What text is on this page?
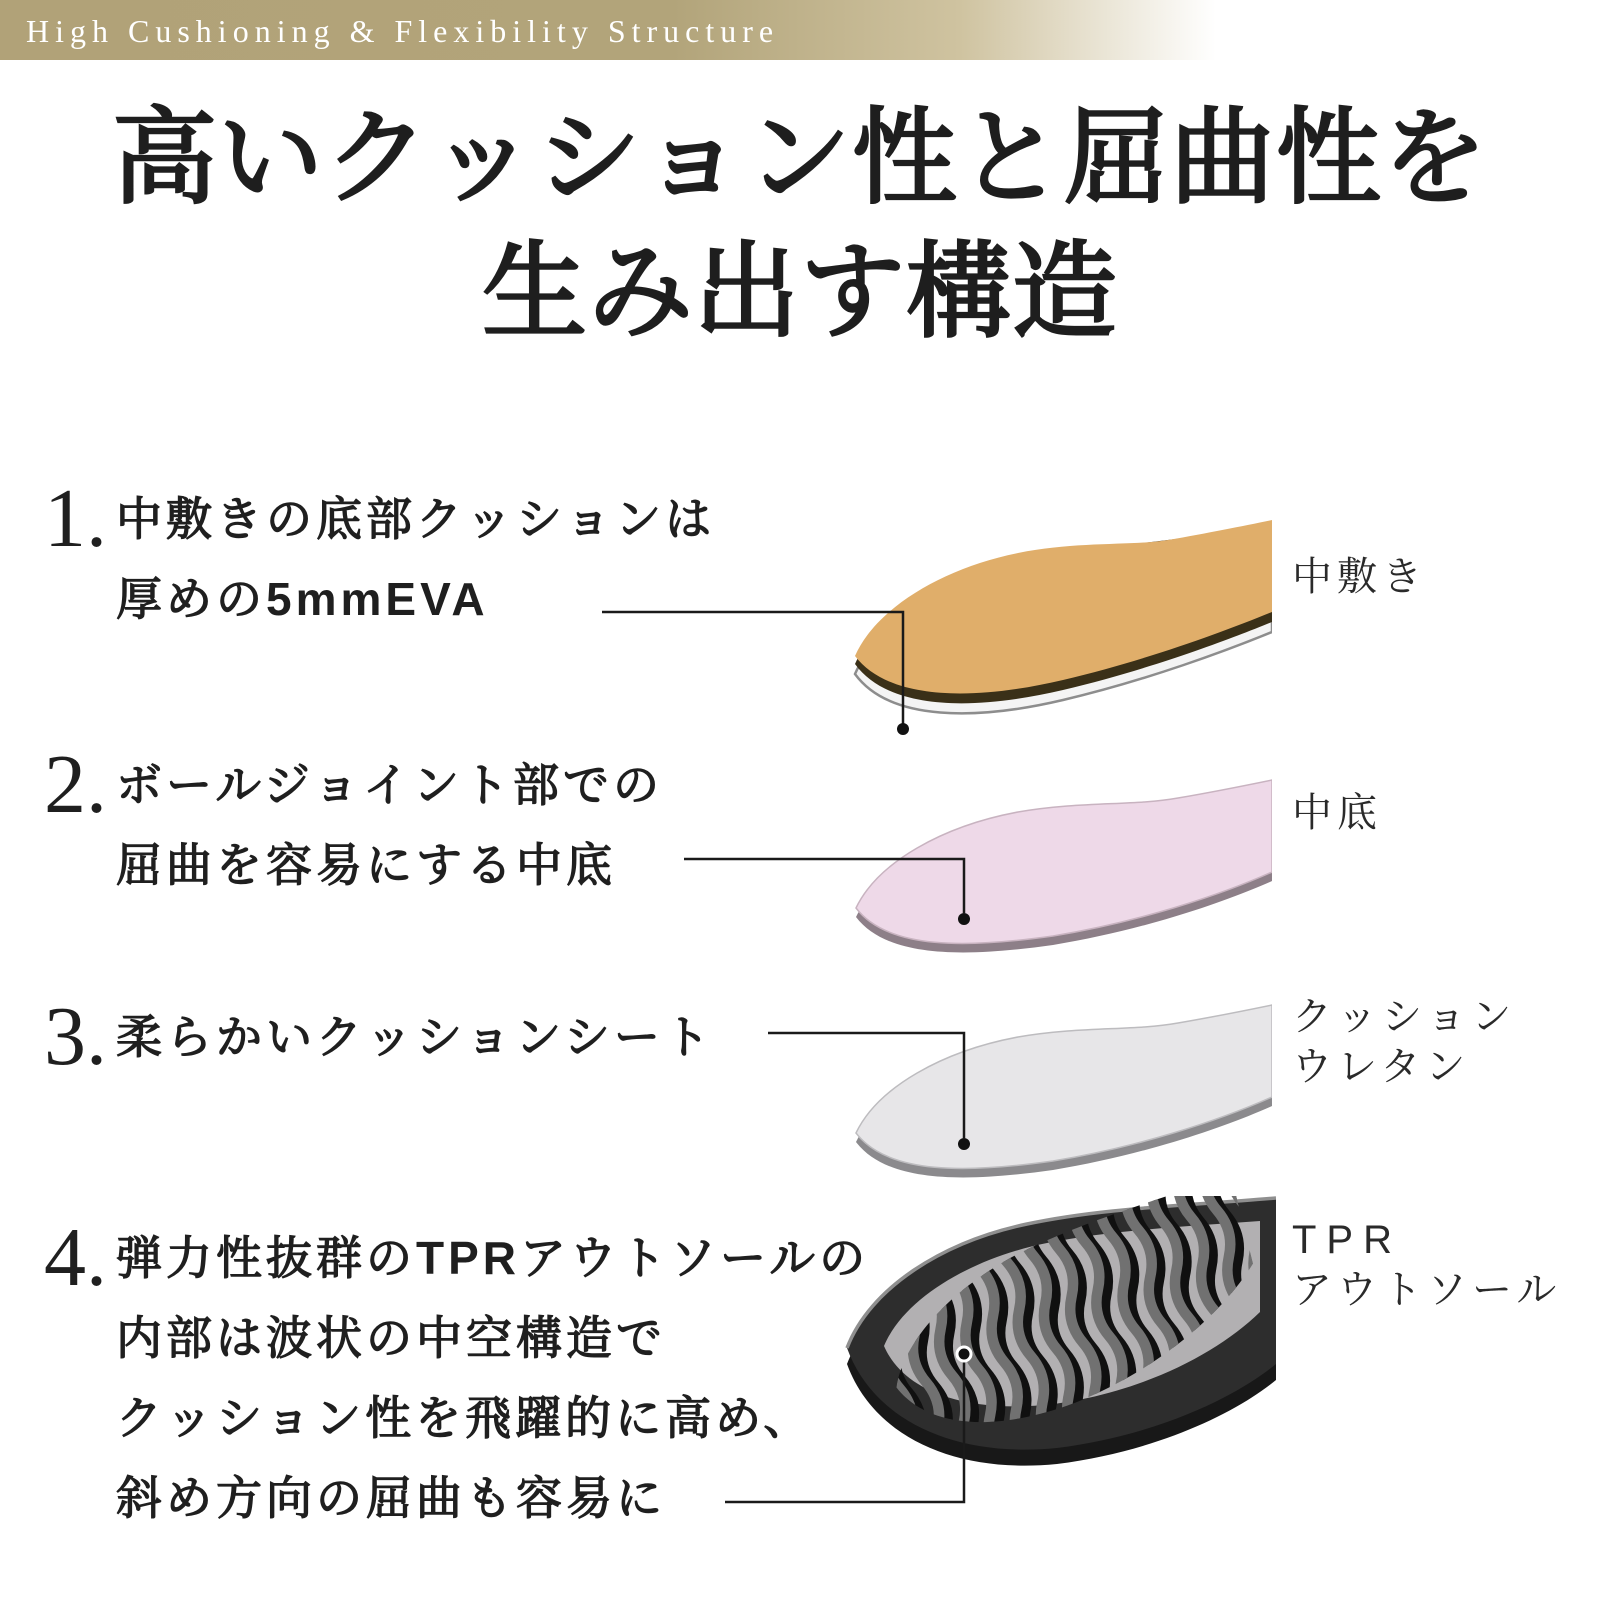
High Cushioning & Flexibility Structure
高いクッション性と屈曲性を
生み出す構造
1. 中敷きの底部クッションは
厚めの5mmEVA
2. ボールジョイント部での
屈曲を容易にする中底
3. 柔らかいクッションシート
4. 弾力性抜群のTPRアウトソールの
内部は波状の中空構造で
クッション性を飛躍的に高め、
斜め方向の屈曲も容易に
中敷き
中底
クッション
ウレタン
TPR
アウトソール
